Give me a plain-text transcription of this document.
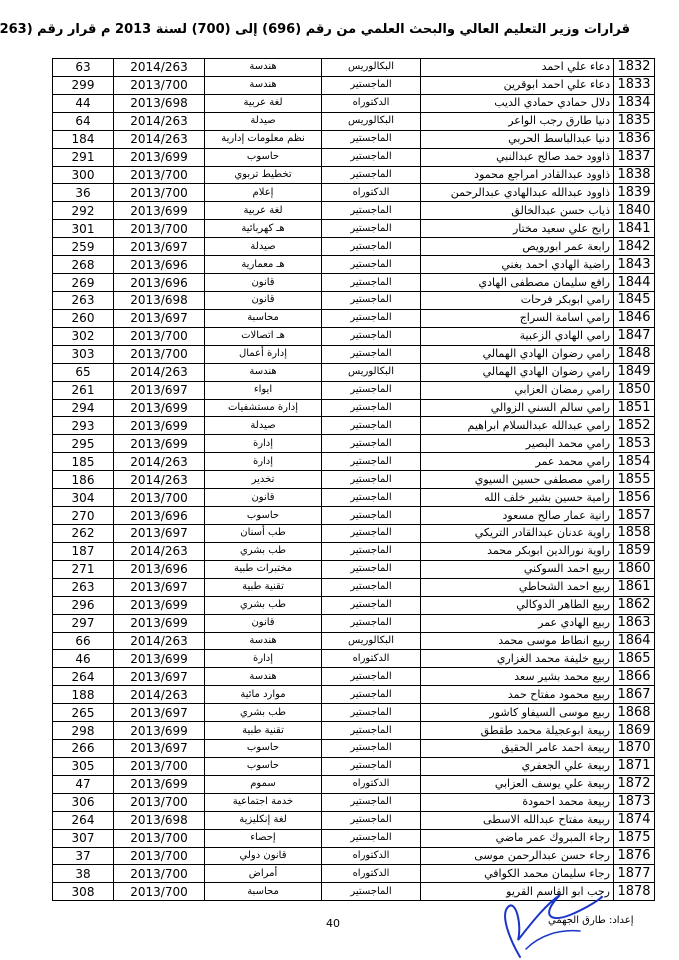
قرارات وزير التعليم العالي والبحث العلمي من رقم (696) إلى (700) لسنة 2013 م قرار رقم (263
1832	دعاء علي احمد	البكالوريس	هندسة	2014/263	63
1833	دعاء علي احمد ابوقرين	الماجستير	هندسة	2013/700	299
1834	دلال حمادي حمادي الديب	الدكتوراه	لغة عربية	2013/698	44
1835	دنيا طارق رجب الواعر	البكالوريس	صيدلة	2014/263	64
1836	دنيا عبدالباسط الحربي	الماجستير	نظم معلومات إدارية	2014/263	184
1837	ذاوود حمد صالح عبدالنبي	الماجستير	حاسوب	2013/699	291
1838	ذاوود عبدالقادر امراجع محمود	الماجستير	تخطيط تربوي	2013/700	300
1839	ذاوود عبدالله عبدالهادي عبدالرحمن	الدكتوراه	إعلام	2013/700	36
1840	ذياب حسن عبدالخالق	الماجستير	لغة عربية	2013/699	292
1841	رابح علي سعيد مختار	الماجستير	هـ كهربائية	2013/700	301
1842	رابعة عمر ابورويص	الماجستير	صيدلة	2013/697	259
1843	راضية الهادي احمد بغني	الماجستير	هـ معمارية	2013/696	268
1844	رافع سليمان مصطفى الهادي	الماجستير	قانون	2013/696	269
1845	رامي ابوبكر فرحات	الماجستير	قانون	2013/698	263
1846	رامي اسامة السراج	الماجستير	محاسبة	2013/697	260
1847	رامي الهادي الزعبية	الماجستير	هـ اتصالات	2013/700	302
1848	رامي رضوان الهادي الهمالي	الماجستير	إدارة أعمال	2013/700	303
1849	رامي رضوان الهادي الهمالي	البكالوريس	هندسة	2014/263	65
1850	رامي رمضان العزابي	الماجستير	ايواء	2013/697	261
1851	رامي سالم السني الزوالي	الماجستير	إدارة مستشفيات	2013/699	294
1852	رامي عبدالله عبدالسلام ابراهيم	الماجستير	صيدلة	2013/699	293
1853	رامي محمد البصير	الماجستير	إدارة	2013/699	295
1854	رامي محمد عمر	الماجستير	إدارة	2014/263	185
1855	رامي مصطفى حسين السيوي	الماجستير	تخدير	2014/263	186
1856	رامية حسين بشير خلف الله	الماجستير	قانون	2013/700	304
1857	رانية عمار صالح مسعود	الماجستير	حاسوب	2013/696	270
1858	راوية عدنان عبدالقادر التريكي	الماجستير	طب أسنان	2013/697	262
1859	راوية نورالدين ابوبكر محمد	الماجستير	طب بشري	2014/263	187
1860	ربيع احمد السوكني	الماجستير	مختبرات طبية	2013/696	271
1861	ربيع احمد الشحاطي	الماجستير	تقنية طبية	2013/697	263
1862	ربيع الطاهر الدوكالي	الماجستير	طب بشري	2013/699	296
1863	ربيع الهادي عمر	الماجستير	قانون	2013/699	297
1864	ربيع انطاط موسى محمد	البكالوريس	هندسة	2014/263	66
1865	ربيع خليفة محمد الغزاري	الدكتوراه	إدارة	2013/699	46
1866	ربيع محمد بشير سعد	الماجستير	هندسة	2013/697	264
1867	ربيع محمود مفتاح حمد	الماجستير	موارد مائية	2014/263	188
1868	ربيع موسى السيفاو كاشور	الماجستير	طب بشري	2013/697	265
1869	ربيعة ابوعجيلة محمد طقطق	الماجستير	تقنية طبية	2013/699	298
1870	ربيعة احمد عامر الحقيق	الماجستير	حاسوب	2013/697	266
1871	ربيعة علي الجعفري	الماجستير	حاسوب	2013/700	305
1872	ربيعة علي يوسف العزابي	الدكتوراه	سموم	2013/699	47
1873	ربيعة محمد احمودة	الماجستير	خدمة اجتماعية	2013/700	306
1874	ربيعة مفتاح عبدالله الاسطى	الماجستير	لغة إنكليزية	2013/698	264
1875	رجاء المبروك عمر ماضي	الماجستير	إحصاء	2013/700	307
1876	رجاء حسن عبدالرحمن موسى	الدكتوراه	قانون دولي	2013/700	37
1877	رجاء سليمان محمد الكوافي	الدكتوراه	أمراض	2013/700	38
1878	رجب ابو القاسم القريو	الماجستير	محاسبة	2013/700	308
40	إعداد: طارق الجهمي
